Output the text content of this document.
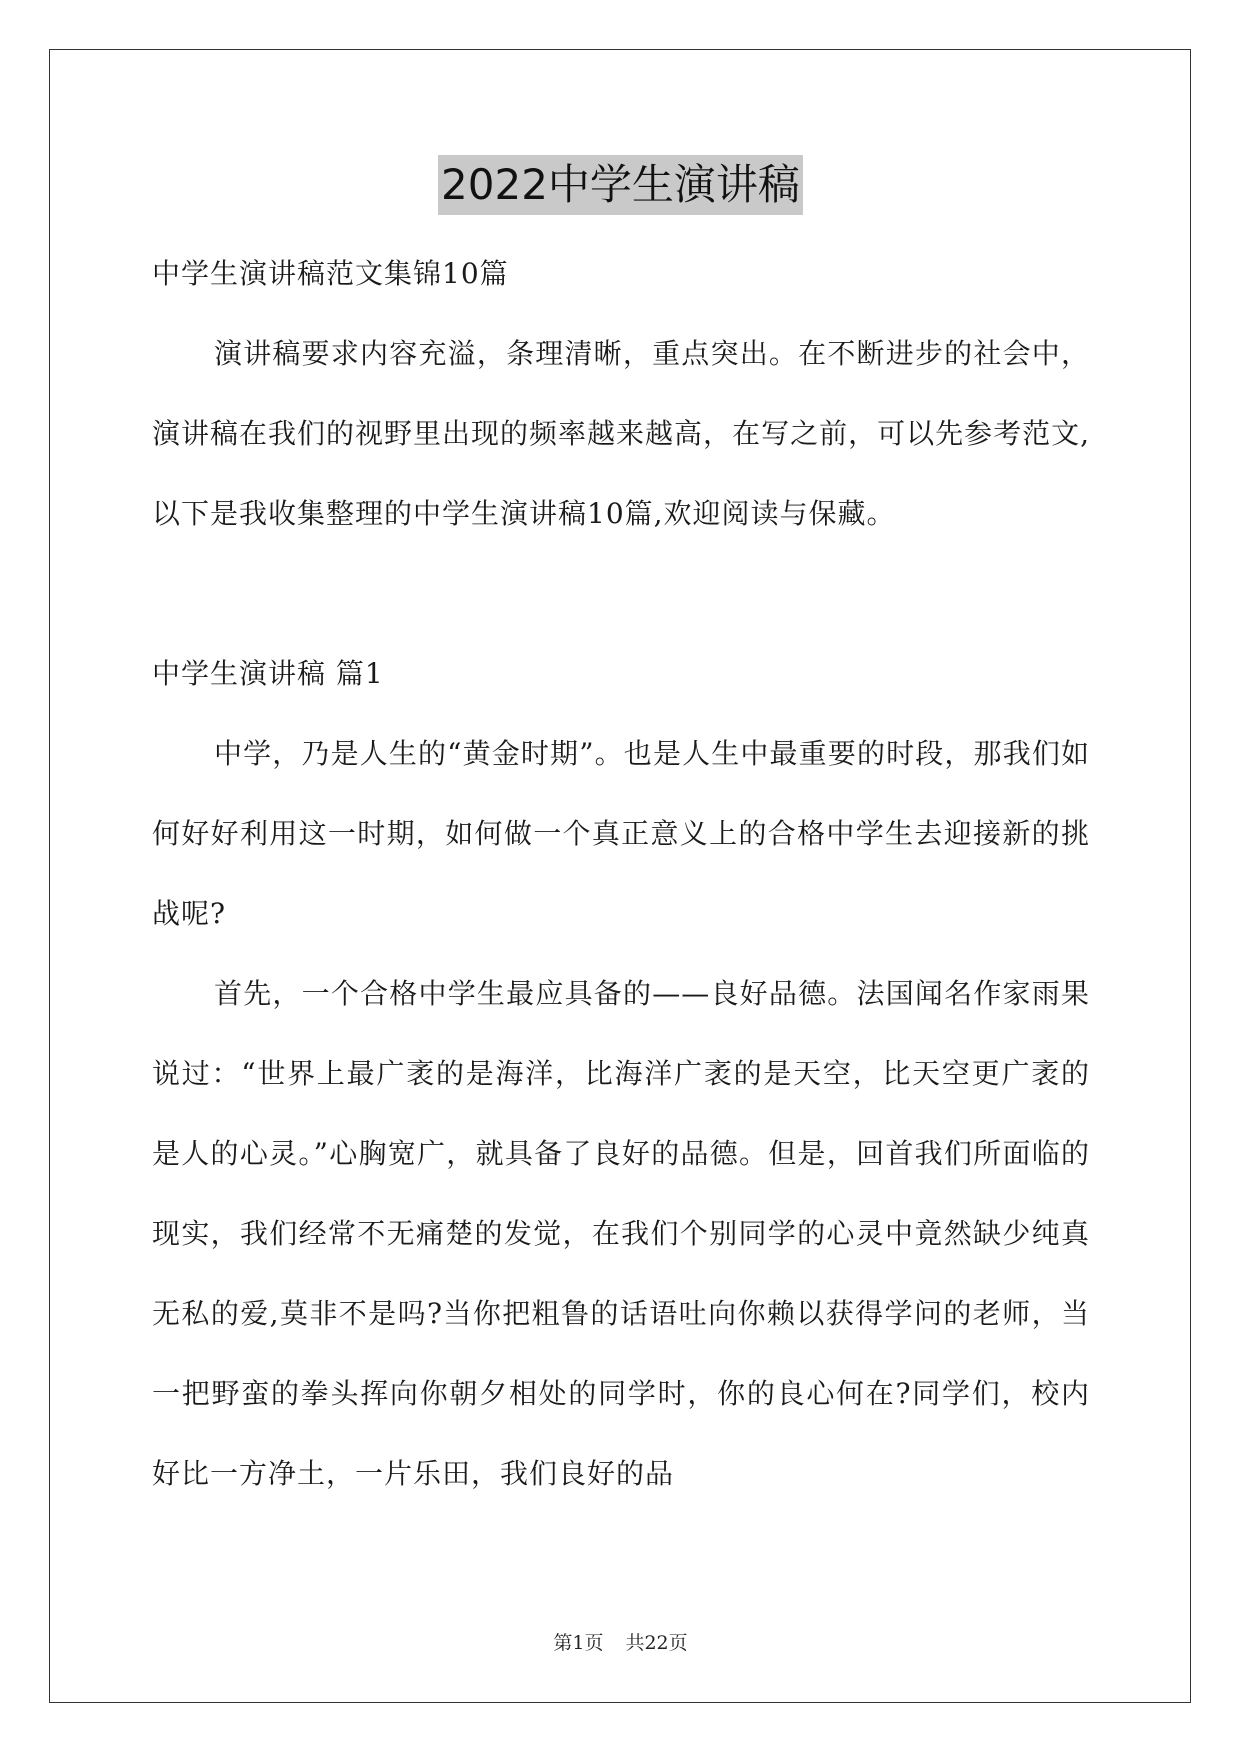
2022中学生演讲稿

中学生演讲稿范文集锦10篇

演讲稿要求内容充溢，条理清晰，重点突出。在不断进步的社会中，演讲稿在我们的视野里出现的频率越来越高，在写之前，可以先参考范文,以下是我收集整理的中学生演讲稿10篇,欢迎阅读与保藏。

中学生演讲稿 篇1

中学，乃是人生的“黄金时期”。也是人生中最重要的时段，那我们如何好好利用这一时期，如何做一个真正意义上的合格中学生去迎接新的挑战呢?

首先，一个合格中学生最应具备的——良好品德。法国闻名作家雨果说过：“世界上最广袤的是海洋，比海洋广袤的是天空，比天空更广袤的是人的心灵。”心胸宽广，就具备了良好的品德。但是，回首我们所面临的现实，我们经常不无痛楚的发觉，在我们个别同学的心灵中竟然缺少纯真无私的爱,莫非不是吗?当你把粗鲁的话语吐向你赖以获得学问的老师，当一把野蛮的拳头挥向你朝夕相处的同学时，你的良心何在?同学们，校内好比一方净土，一片乐田，我们良好的品

第1页 共22页
